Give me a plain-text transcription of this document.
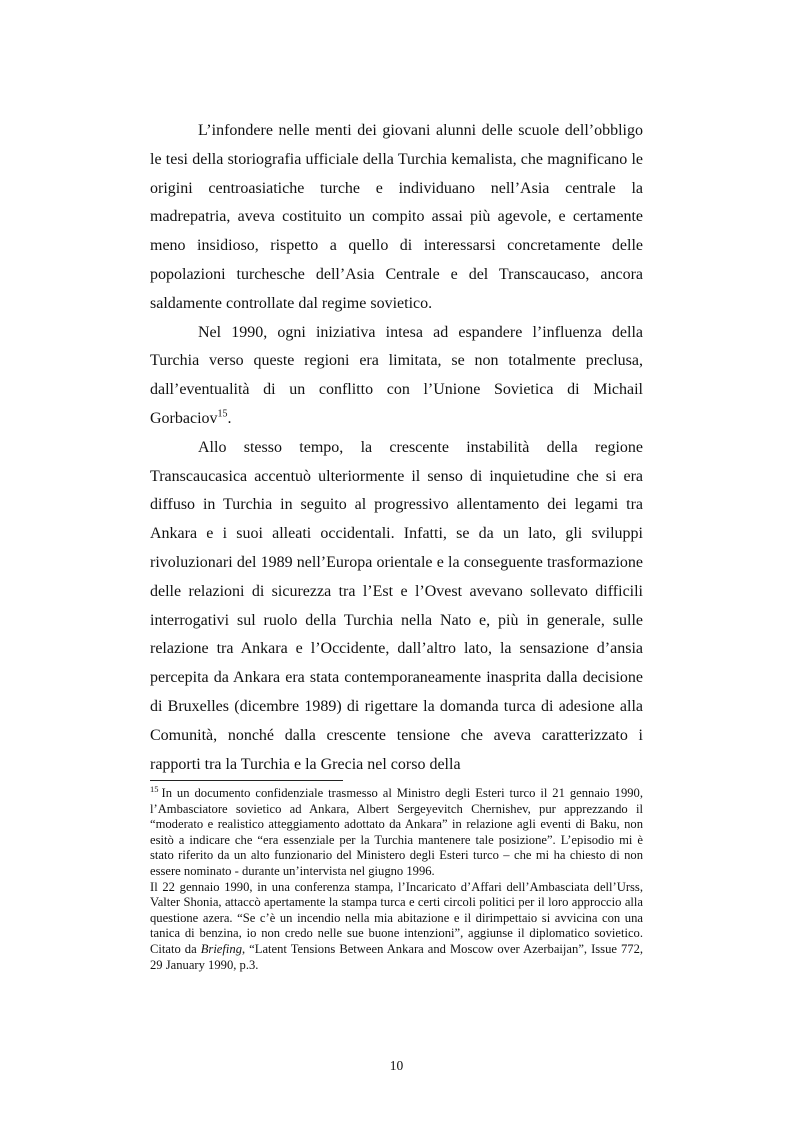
L’infondere nelle menti dei giovani alunni delle scuole dell’obbligo le tesi della storiografia ufficiale della Turchia kemalista, che magnificano le origini centroasiatiche turche e individuano nell’Asia centrale la madrepatria, aveva costituito un compito assai più agevole, e certamente meno insidioso, rispetto a quello di interessarsi concretamente delle popolazioni turchesche dell’Asia Centrale e del Transcaucaso, ancora saldamente controllate dal regime sovietico.

Nel 1990, ogni iniziativa intesa ad espandere l’influenza della Turchia verso queste regioni era limitata, se non totalmente preclusa, dall’eventualità di un conflitto con l’Unione Sovietica di Michail Gorbaciov$^{15}$.

Allo stesso tempo, la crescente instabilità della regione Transcaucasica accentuò ulteriormente il senso di inquietudine che si era diffuso in Turchia in seguito al progressivo allentamento dei legami tra Ankara e i suoi alleati occidentali. Infatti, se da un lato, gli sviluppi rivoluzionari del 1989 nell’Europa orientale e la conseguente trasformazione delle relazioni di sicurezza tra l’Est e l’Ovest avevano sollevato difficili interrogativi sul ruolo della Turchia nella Nato e, più in generale, sulle relazione tra Ankara e l’Occidente, dall’altro lato, la sensazione d’ansia percepita da Ankara era stata contemporaneamente inasprita dalla decisione di Bruxelles (dicembre 1989) di rigettare la domanda turca di adesione alla Comunità, nonché dalla crescente tensione che aveva caratterizzato i rapporti tra la Turchia e la Grecia nel corso della

$^{15}$ In un documento confidenziale trasmesso al Ministro degli Esteri turco il 21 gennaio 1990, l’Ambasciatore sovietico ad Ankara, Albert Sergeyevitch Chernishev, pur apprezzando il “moderato e realistico atteggiamento adottato da Ankara” in relazione agli eventi di Baku, non esitò a indicare che “era essenziale per la Turchia mantenere tale posizione”. L’episodio mi è stato riferito da un alto funzionario del Ministero degli Esteri turco – che mi ha chiesto di non essere nominato - durante un’intervista nel giugno 1996.

Il 22 gennaio 1990, in una conferenza stampa, l’Incaricato d’Affari dell’Ambasciata dell’Urss, Valter Shonia, attaccò apertamente la stampa turca e certi circoli politici per il loro approccio alla questione azera. “Se c’è un incendio nella mia abitazione e il dirimpettaio si avvicina con una tanica di benzina, io non credo nelle sue buone intenzioni”, aggiunse il diplomatico sovietico. Citato da Briefing, “Latent Tensions Between Ankara and Moscow over Azerbaijan”, Issue 772, 29 January 1990, p.3.

10
